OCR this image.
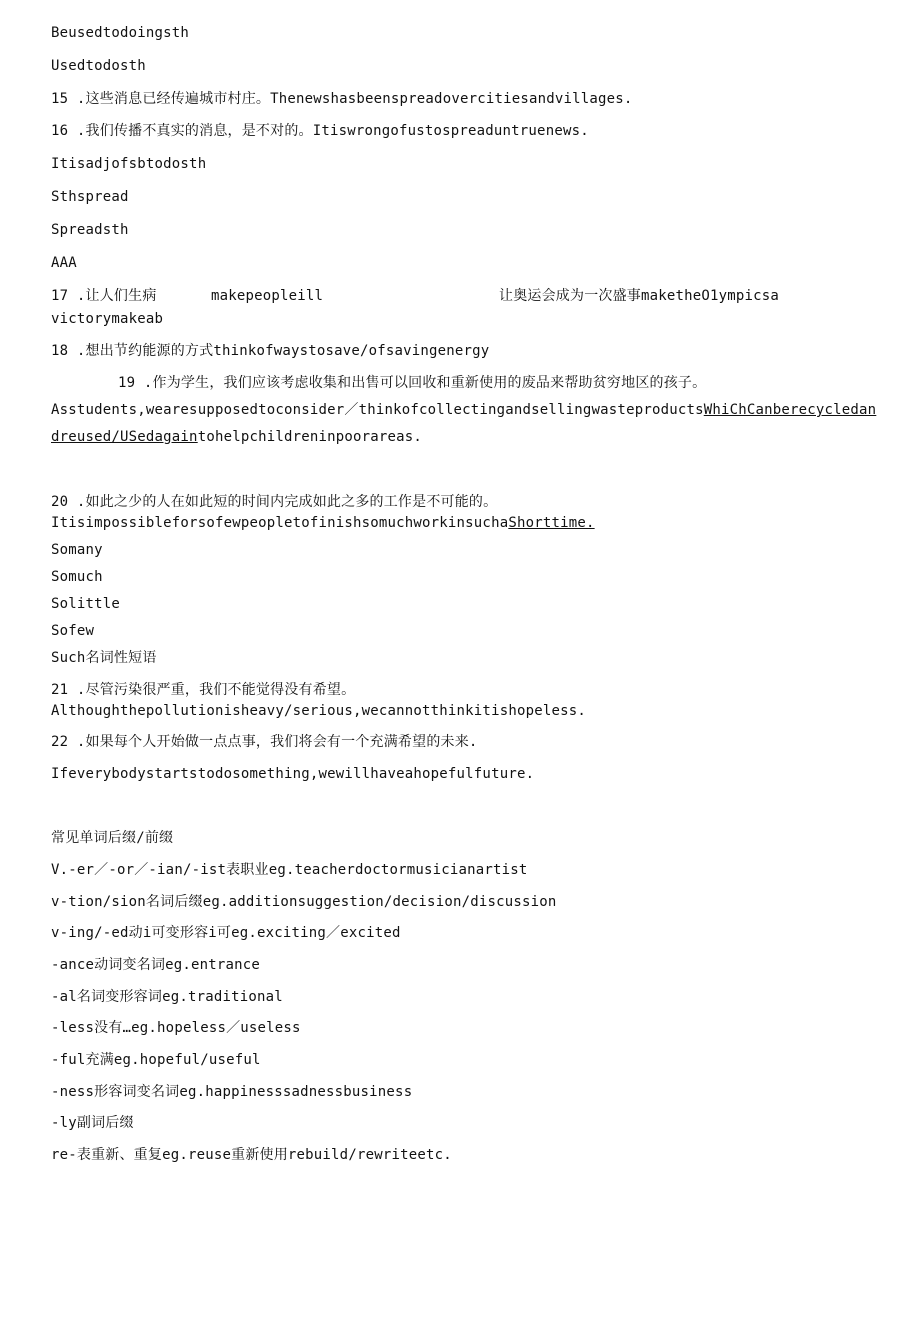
Beusedtodoingsth
Usedtodosth
15 .这些消息已经传遍城市村庄。Thenewshasbeenspreadovercitiesandvillages.
16 .我们传播不真实的消息，是不对的。Itiswrongofustospreaduntruenews.
Itisadjofsbtodosth
Sthspread
Spreadsth
AAA
17 .让人们生病	makepeopleill	让奥运会成为一次盛事maketheO1ympicsa
victorymakeab
18 .想出节约能源的方式thinkofwaystosave/ofsavingenergy
19 .作为学生，我们应该考虑收集和出售可以回收和重新使用的废品来帮助贫穷地区的孩子。
Asstudents,wearesupposedtoconsider／thinkofcollectingandsellingwasteproductsWhiChCanberecycledan
dreused/USedagaintohelpchildreninpoorareas.
20 .如此之少的人在如此短的时间内完成如此之多的工作是不可能的。
ItisimpossibleforsofewpeopletofinishsomuchworkinsuchaShorttime.
Somany
Somuch
Solittle
Sofew
Such名词性短语
21 .尽管污染很严重，我们不能觉得没有希望。
Althoughthepollutionisheavy/serious,wecannotthinkitishopeless.
22 .如果每个人开始做一点点事，我们将会有一个充满希望的未来.
Ifeverybodystartstodosomething,wewillhaveahopefulfuture.
常见单词后缀/前缀
V.-er／-or／-ian/-ist表职业eg.teacherdoctormusicianartist
v-tion/sion名词后缀eg.additionsuggestion/decision/discussion
v-ing/-ed动i可变形容i可eg.exciting／excited
-ance动词变名词eg.entrance
-al名词变形容词eg.traditional
-less没有…eg.hopeless／useless
-ful充满eg.hopeful/useful
-ness形容词变名词eg.happinesssadnessbusiness
-ly副词后缀
re-表重新、重复eg.reuse重新使用rebuild/rewriteetc.
